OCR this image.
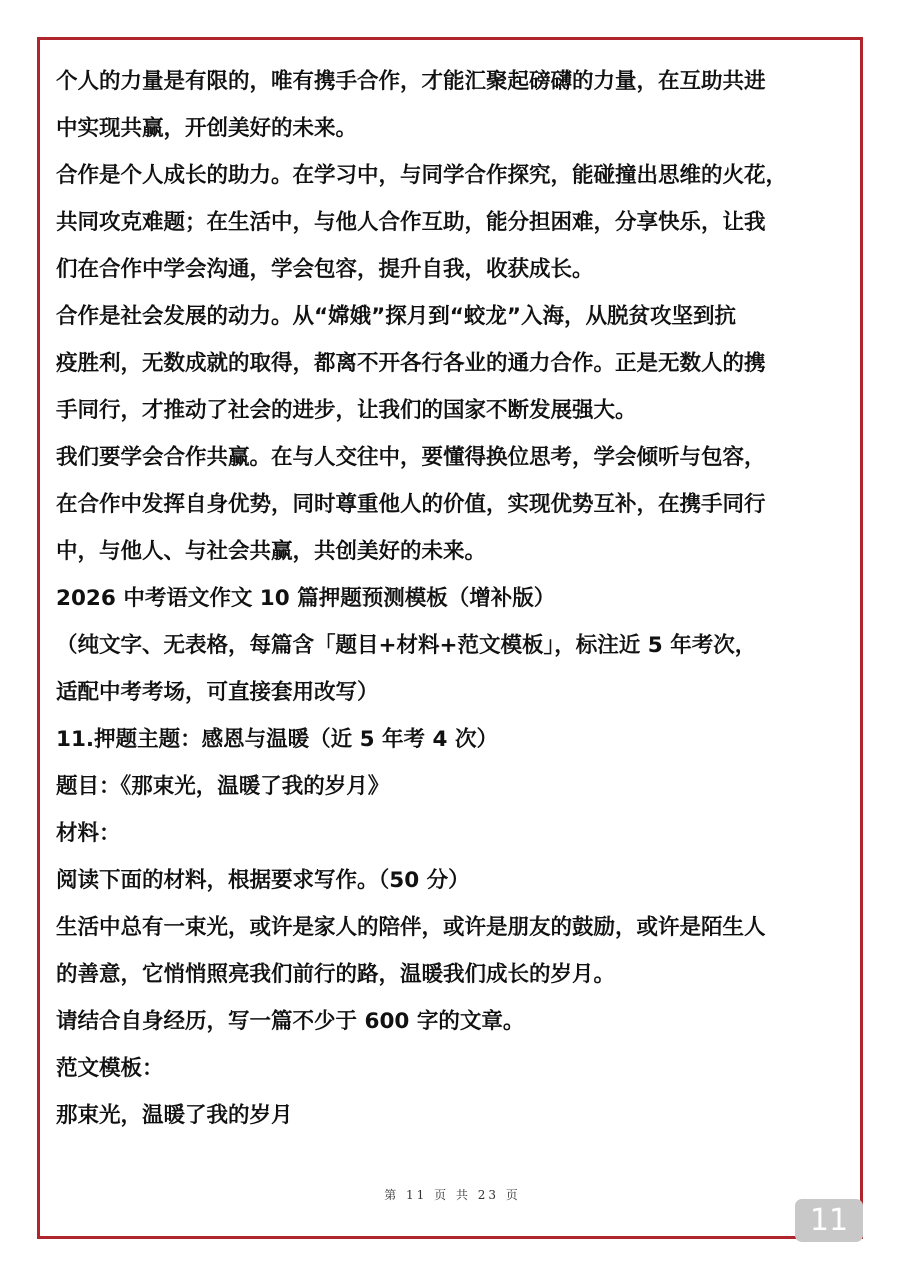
个人的力量是有限的，唯有携手合作，才能汇聚起磅礴的力量，在互助共进

中实现共赢，开创美好的未来。

合作是个人成长的助力。在学习中，与同学合作探究，能碰撞出思维的火花，

共同攻克难题；在生活中，与他人合作互助，能分担困难，分享快乐，让我

们在合作中学会沟通，学会包容，提升自我，收获成长。

合作是社会发展的动力。从“嫦娥”探月到“蛟龙”入海，从脱贫攻坚到抗

疫胜利，无数成就的取得，都离不开各行各业的通力合作。正是无数人的携

手同行，才推动了社会的进步，让我们的国家不断发展强大。

我们要学会合作共赢。在与人交往中，要懂得换位思考，学会倾听与包容，

在合作中发挥自身优势，同时尊重他人的价值，实现优势互补，在携手同行

中，与他人、与社会共赢，共创美好的未来。

2026 中考语文作文 10 篇押题预测模板（增补版）

（纯文字、无表格，每篇含「题目+材料+范文模板」，标注近 5 年考次，

适配中考考场，可直接套用改写）

11.押题主题：感恩与温暖（近 5 年考 4 次）

题目：《那束光，温暖了我的岁月》

材料：

阅读下面的材料，根据要求写作。（50 分）

生活中总有一束光，或许是家人的陪伴，或许是朋友的鼓励，或许是陌生人

的善意，它悄悄照亮我们前行的路，温暖我们成长的岁月。

请结合自身经历，写一篇不少于 600 字的文章。

范文模板：

那束光，温暖了我的岁月

第 11 页 共 23 页
11
